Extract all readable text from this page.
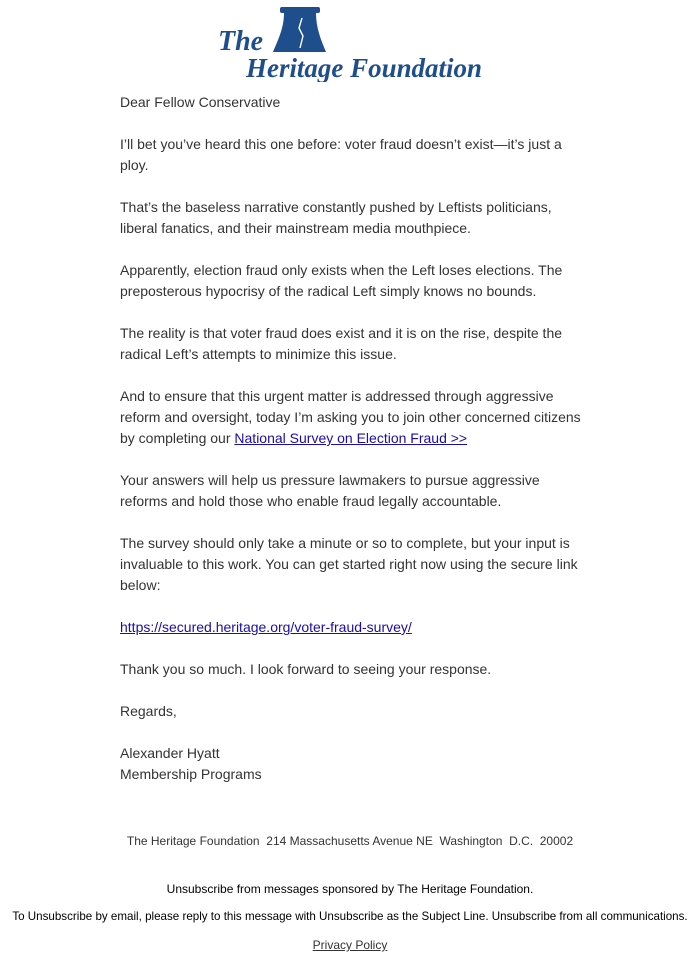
The
Heritage Foundation

Dear Fellow Conservative

I’ll bet you’ve heard this one before: voter fraud doesn’t exist—it’s just a ploy.

That’s the baseless narrative constantly pushed by Leftists politicians, liberal fanatics, and their mainstream media mouthpiece.

Apparently, election fraud only exists when the Left loses elections. The preposterous hypocrisy of the radical Left simply knows no bounds.

The reality is that voter fraud does exist and it is on the rise, despite the radical Left’s attempts to minimize this issue.

And to ensure that this urgent matter is addressed through aggressive reform and oversight, today I’m asking you to join other concerned citizens by completing our National Survey on Election Fraud >>

Your answers will help us pressure lawmakers to pursue aggressive reforms and hold those who enable fraud legally accountable.

The survey should only take a minute or so to complete, but your input is invaluable to this work. You can get started right now using the secure link below:

https://secured.heritage.org/voter-fraud-survey/

Thank you so much. I look forward to seeing your response.

Regards,

Alexander Hyatt
Membership Programs

The Heritage Foundation  214 Massachusetts Avenue NE  Washington  D.C.  20002
Unsubscribe from messages sponsored by The Heritage Foundation.
To Unsubscribe by email, please reply to this message with Unsubscribe as the Subject Line. Unsubscribe from all communications.
Privacy Policy
